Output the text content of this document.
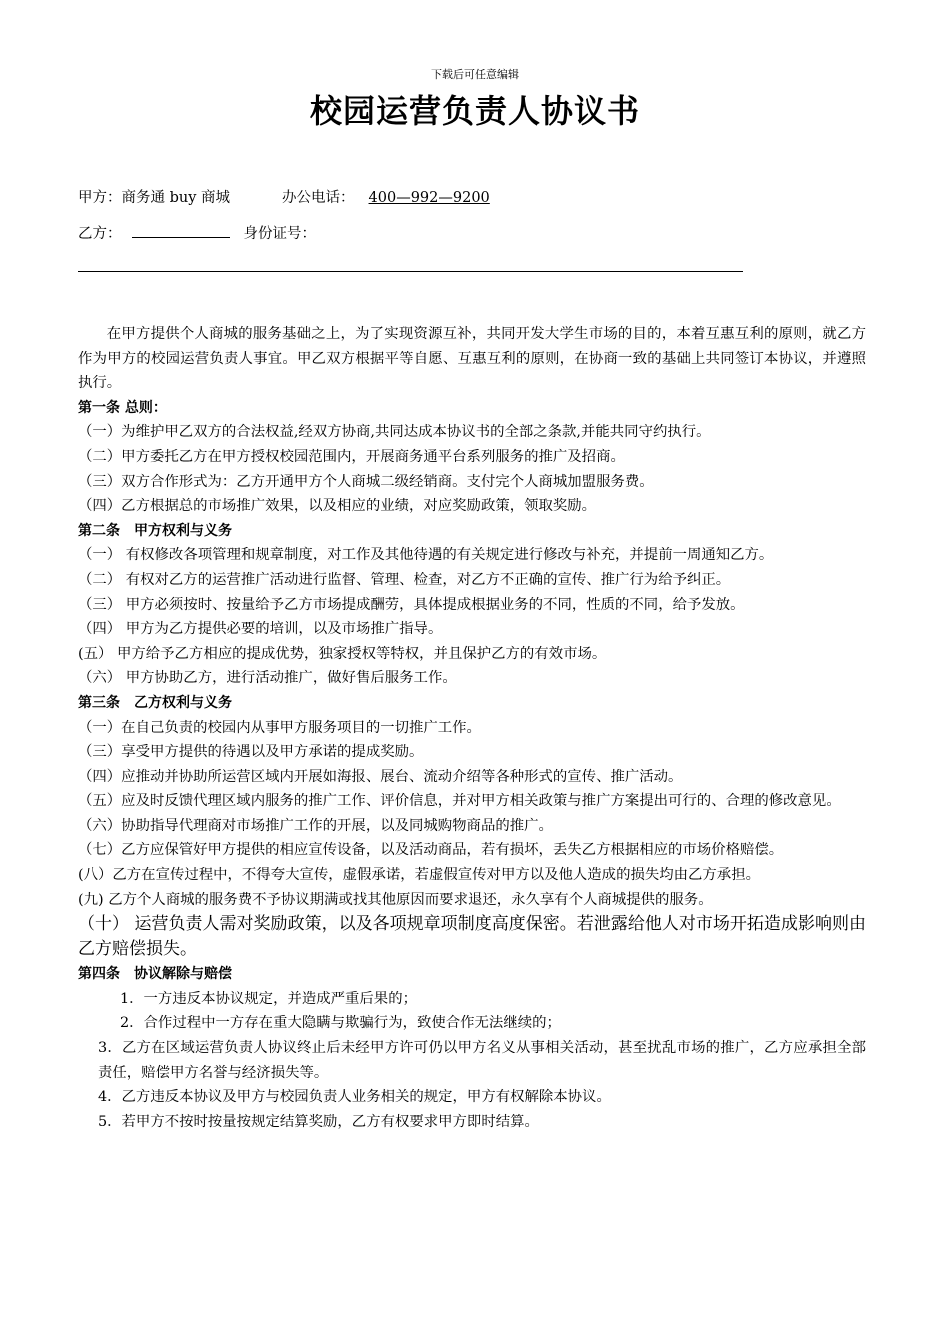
下载后可任意编辑
校园运营负责人协议书
甲方：商务通 buy 商城	办公电话： 400—992—9200
乙方：	身份证号：

在甲方提供个人商城的服务基础之上，为了实现资源互补，共同开发大学生市场的目的，本着互惠互利的原则，就乙方作为甲方的校园运营负责人事宜。甲乙双方根据平等自愿、互惠互利的原则，在协商一致的基础上共同签订本协议，并遵照执行。

第一条 总则：

（一）为维护甲乙双方的合法权益,经双方协商,共同达成本协议书的全部之条款,并能共同守约执行。

（二）甲方委托乙方在甲方授权校园范围内，开展商务通平台系列服务的推广及招商。

（三）双方合作形式为：乙方开通甲方个人商城二级经销商。支付完个人商城加盟服务费。

（四）乙方根据总的市场推广效果，以及相应的业绩，对应奖励政策，领取奖励。

第二条　甲方权利与义务

（一） 有权修改各项管理和规章制度，对工作及其他待遇的有关规定进行修改与补充，并提前一周通知乙方。

（二） 有权对乙方的运营推广活动进行监督、管理、检查，对乙方不正确的宣传、推广行为给予纠正。

（三） 甲方必须按时、按量给予乙方市场提成酬劳，具体提成根据业务的不同，性质的不同，给予发放。

（四） 甲方为乙方提供必要的培训，以及市场推广指导。

(五） 甲方给予乙方相应的提成优势，独家授权等特权，并且保护乙方的有效市场。

（六） 甲方协助乙方，进行活动推广，做好售后服务工作。

第三条　乙方权利与义务

（一）在自己负责的校园内从事甲方服务项目的一切推广工作。

（三）享受甲方提供的待遇以及甲方承诺的提成奖励。

（四）应推动并协助所运营区域内开展如海报、展台、流动介绍等各种形式的宣传、推广活动。

（五）应及时反馈代理区域内服务的推广工作、评价信息，并对甲方相关政策与推广方案提出可行的、合理的修改意见。

（六）协助指导代理商对市场推广工作的开展，以及同城购物商品的推广。

（七）乙方应保管好甲方提供的相应宣传设备，以及活动商品，若有损坏，丢失乙方根据相应的市场价格赔偿。

(八）乙方在宣传过程中，不得夸大宣传，虚假承诺，若虚假宣传对甲方以及他人造成的损失均由乙方承担。

(九) 乙方个人商城的服务费不予协议期满或找其他原因而要求退还，永久享有个人商城提供的服务。

（十） 运营负责人需对奖励政策，以及各项规章项制度高度保密。若泄露给他人对市场开拓造成影响则由乙方赔偿损失。

第四条　协议解除与赔偿

1．一方违反本协议规定，并造成严重后果的；

2．合作过程中一方存在重大隐瞒与欺骗行为，致使合作无法继续的；

3．乙方在区域运营负责人协议终止后未经甲方许可仍以甲方名义从事相关活动，甚至扰乱市场的推广，乙方应承担全部责任，赔偿甲方名誉与经济损失等。

4．乙方违反本协议及甲方与校园负责人业务相关的规定，甲方有权解除本协议。

5．若甲方不按时按量按规定结算奖励，乙方有权要求甲方即时结算。
